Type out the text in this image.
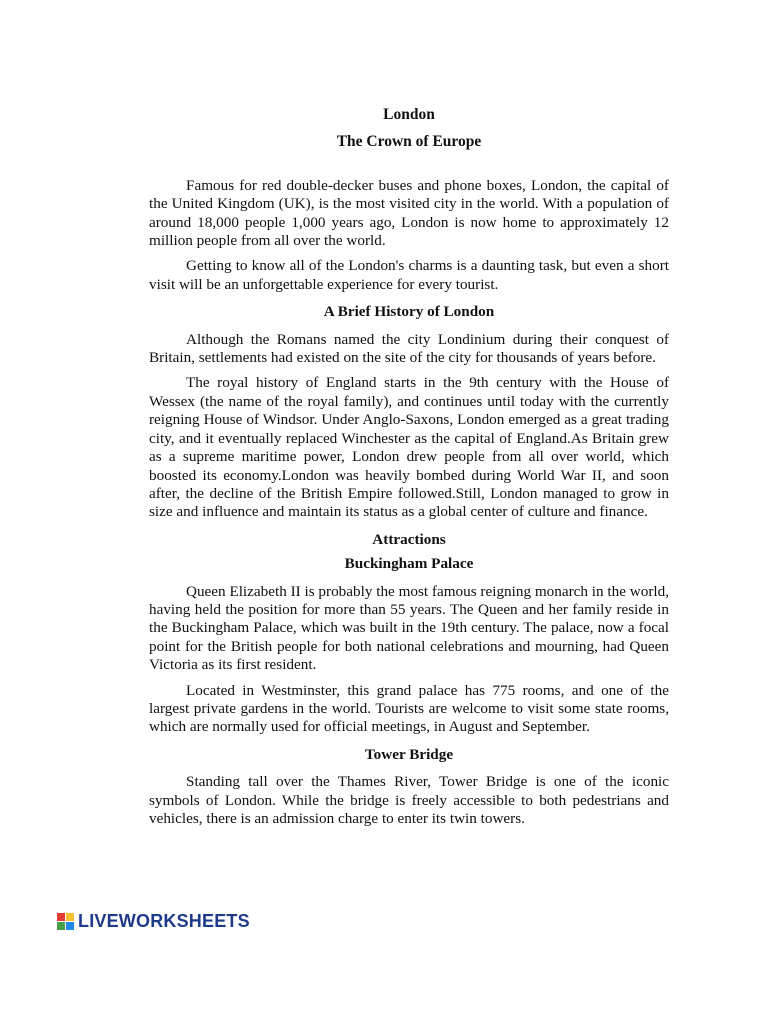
London
The Crown of Europe

Famous for red double-decker buses and phone boxes, London, the capital of the United Kingdom (UK), is the most visited city in the world. With a population of around 18,000 people 1,000 years ago, London is now home to approximately 12 million people from all over the world.

Getting to know all of the London's charms is a daunting task, but even a short visit will be an unforgettable experience for every tourist.

A Brief History of London

Although the Romans named the city Londinium during their conquest of Britain, settlements had existed on the site of the city for thousands of years before.

The royal history of England starts in the 9th century with the House of Wessex (the name of the royal family), and continues until today with the currently reigning House of Windsor. Under Anglo-Saxons, London emerged as a great trading city, and it eventually replaced Winchester as the capital of England.As Britain grew as a supreme maritime power, London drew people from all over world, which boosted its economy.London was heavily bombed during World War II, and soon after, the decline of the British Empire followed.Still, London managed to grow in size and influence and maintain its status as a global center of culture and finance.

Attractions
Buckingham Palace

Queen Elizabeth II is probably the most famous reigning monarch in the world, having held the position for more than 55 years. The Queen and her family reside in the Buckingham Palace, which was built in the 19th century. The palace, now a focal point for the British people for both national celebrations and mourning, had Queen Victoria as its first resident.

Located in Westminster, this grand palace has 775 rooms, and one of the largest private gardens in the world. Tourists are welcome to visit some state rooms, which are normally used for official meetings, in August and September.

Tower Bridge

Standing tall over the Thames River, Tower Bridge is one of the iconic symbols of London. While the bridge is freely accessible to both pedestrians and vehicles, there is an admission charge to enter its twin towers.

LIVEWORKSHEETS
